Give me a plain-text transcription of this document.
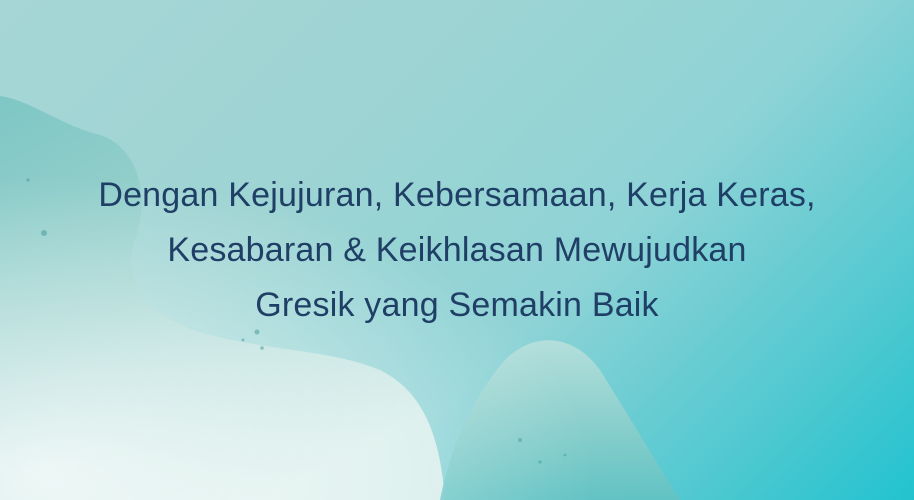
Dengan Kejujuran, Kebersamaan, Kerja Keras,
Kesabaran & Keikhlasan Mewujudkan
Gresik yang Semakin Baik
